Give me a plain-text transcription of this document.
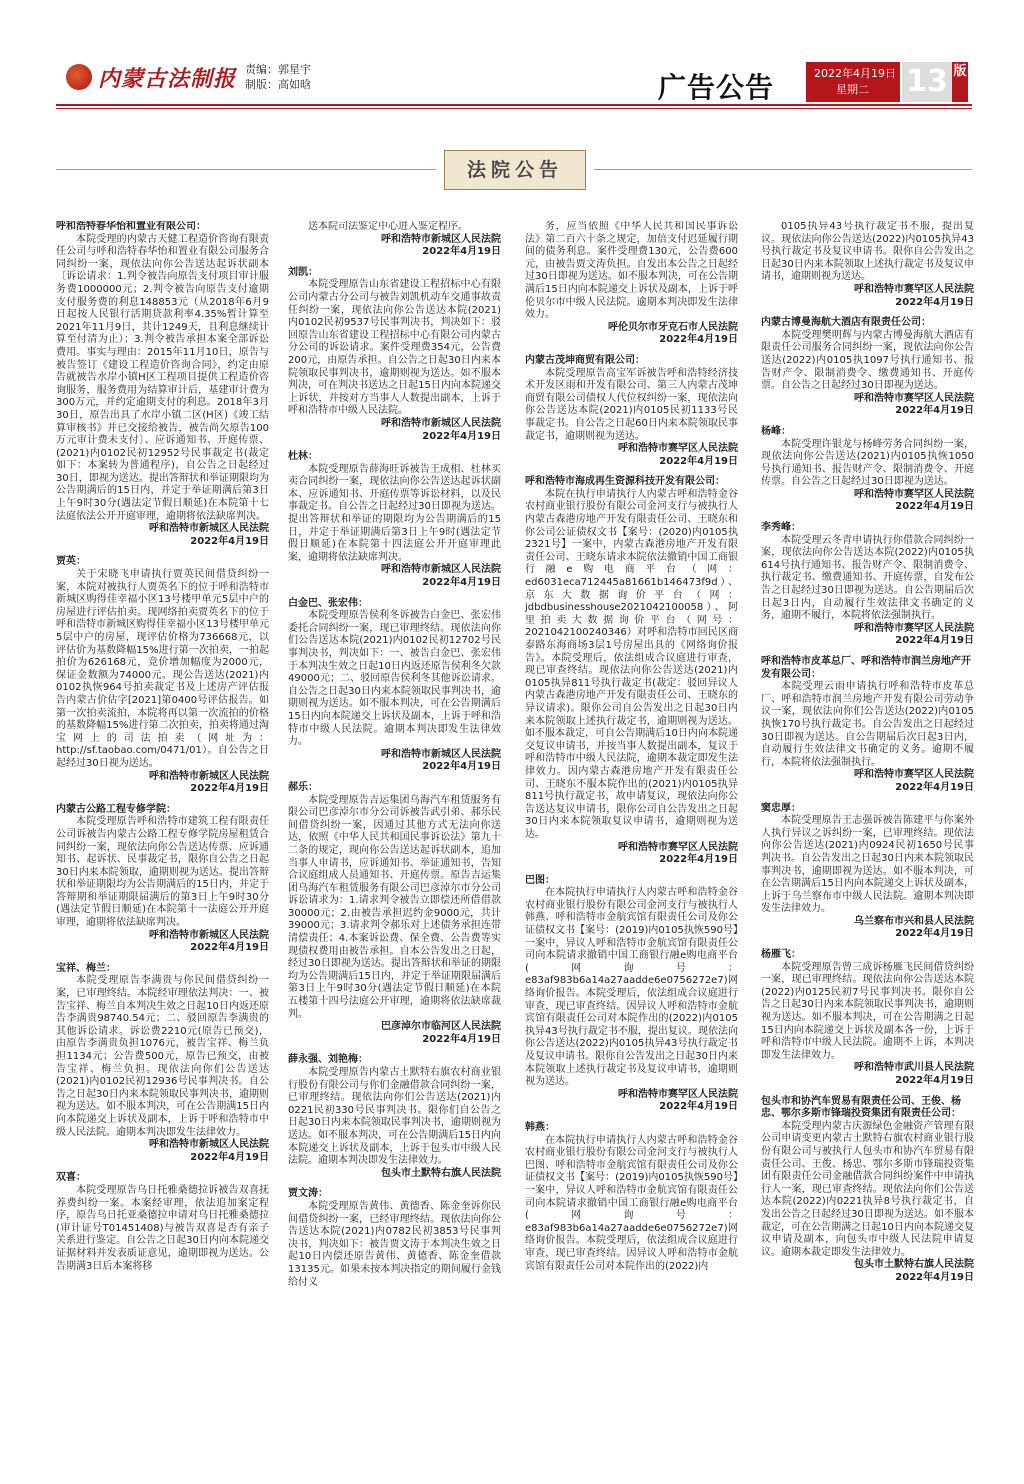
内蒙古法制报 责编：郭星宇
制版：高如晗	广告公告	2022年4月19日
星期二	13 版
法院公告
呼和浩特春华怡和置业有限公司：
本院受理的内蒙古天健工程造价咨询有限责任公司与呼和浩特春华怡和置业有限公司服务合同纠纷一案，现依法向你公告送达起诉状副本〔诉讼请求：1.判令被告向原告支付项目审计服务费1000000元；2.判令被告向原告支付逾期支付服务费的利息148853元（从2018年6月9日起按人民银行活期贷款利率4.35%暂计算至2021年11月9日，共计1249天，且利息继续计算至付清为止）；3.判令被告承担本案全部诉讼费用。事实与理由：2015年11月10日，原告与被告签订《建设工程造价咨询合同》，约定由原告就被告水岸小镇H区工程项目提供工程造价咨询服务，服务费用为结算审计后，基建审计费为300万元，并约定逾期支付的利息。2018年3月30日，原告出具了水岸小镇二区(H区)《竣工结算审核书》并已交接给被告，被告尚欠原告100万元审计费未支付〕、应诉通知书、开庭传票、(2021)内0102民初12952号民事裁定书(裁定如下：本案转为普通程序)，自公告之日起经过30日，即视为送达。提出答辩状和举证期限均为公告期满后的15日内，并定于举证期满后第3日上午9时30分(遇法定节假日顺延)在本院第十七法庭依法公开开庭审理，逾期将依法缺席判决。
呼和浩特市新城区人民法院
2022年4月19日
贾英：
关于宋晓飞申请执行贾英民间借贷纠纷一案，本院对被执行人贾英名下的位于呼和浩特市新城区购得佳幸福小区13号楼甲单元5层中户的房屋进行评估拍卖。现网络拍卖贾英名下的位于呼和浩特市新城区购得佳幸福小区13号楼甲单元5层中户的房屋，现评估价格为736668元，以评估价为基数降幅15%进行第一次拍卖，一拍起拍价为626168元，竞价增加幅度为2000元，保证金数额为74000元。现公告送达(2021)内0102执恢964号拍卖裁定书及上述房产评估报告内蒙古价估字[2021]第0400号评估报告。如第一次拍卖流拍，本院将再以第一次流拍的价格的基数降幅15%进行第二次拍卖，拍卖将通过淘宝网上的司法拍卖（网址为：http://sf.taobao.com/0471/01）。自公告之日起经过30日视为送达。
呼和浩特市新城区人民法院
2022年4月19日
内蒙古公路工程专修学院：
本院受理原告呼和浩特市建筑工程有限责任公司诉被告内蒙古公路工程专修学院房屋租赁合同纠纷一案，现依法向你公告送达传票、应诉通知书、起诉状、民事裁定书，限你自公告之日起30日内来本院领取，逾期则视为送达。提出答辩状和举证期限均为公告期满后的15日内，并定于答辩期和举证期限届满后的第3日上午9时30分(遇法定节假日顺延)在本院第十一法庭公开开庭审理，逾期将依法缺席判决。
呼和浩特市新城区人民法院
2022年4月19日
宝祥、梅兰：
本院受理原告李满贵与你民间借贷纠纷一案，已审理终结。本院经审理依法判决：一、被告宝祥、梅兰自本判决生效之日起10日内返还原告李满贵98740.54元；二、驳回原告李满贵的其他诉讼请求。诉讼费2210元(原告已预交)，由原告李满贵负担1076元，被告宝祥、梅兰负担1134元；公告费500元，原告已预交，由被告宝祥、梅兰负担。现依法向你们公告送达(2021)内0102民初12936号民事判决书。自公告之日起30日内来本院领取民事判决书，逾期则视为送达。如不服本判决，可在公告期满15日内向本院递交上诉状及副本，上诉于呼和浩特市中级人民法院。逾期本判决即发生法律效力。
呼和浩特市新城区人民法院
2022年4月19日
双喜：
本院受理原告乌日托雅桑德拉诉被告双喜抚养费纠纷一案。本案经审理，依法追加案定程序，原告乌日托亚桑德拉申请对乌日托雅桑德拉(审计证号T01451408)与被告双喜是否有亲子关系进行鉴定。自公告之日起30日内向本院递交证据材料并发表质证意见，逾期即视为送达。公告期满3日后本案将移
送本院司法鉴定中心进入鉴定程序。
呼和浩特市新城区人民法院
2022年4月19日
刘凯：
本院受理原告山东省建设工程招标中心有限公司内蒙古分公司与被告刘凯机动车交通事故责任纠纷一案，现依法向你公告送达本院(2021)内0102民初9537号民事判决书，判决如下：驳回原告山东省建设工程招标中心有限公司内蒙古分公司的诉讼请求。案件受理费354元，公告费200元，由原告承担。自公告之日起30日内来本院领取民事判决书，逾期则视为送达。如不服本判决，可在判决书送达之日起15日内向本院递交上诉状，并按对方当事人人数提出副本，上诉于呼和浩特市中级人民法院。
呼和浩特市新城区人民法院
2022年4月19日
杜林：
本院受理原告薛海旺诉被告王成相、杜林买卖合同纠纷一案，现依法向你公告送达起诉状副本、应诉通知书、开庭传票等诉讼材料，以及民事裁定书。自公告之日起经过30日即视为送达。提出答辩状和举证的期限均为公告期满后的15日，并定于举证期满后第3日上午9时(遇法定节假日顺延)在本院第十四法庭公开开庭审理此案，逾期将依法缺席判决。
呼和浩特市新城区人民法院
2022年4月19日
白金巴、张宏伟：
本院受理原告侯利冬诉被告白金巴、张宏伟委托合同纠纷一案，现已审理终结。现依法向你们公告送达本院(2021)内0102民初12702号民事判决书，判决如下：一、被告白金巴、张宏伟于本判决生效之日起10日内返还原告侯利冬欠款49000元；二、驳回原告侯利冬其他诉讼请求。自公告之日起30日内来本院领取民事判决书，逾期则视为送达。如不服本判决，可在公告期满后15日内向本院递交上诉状及副本，上诉于呼和浩特市中级人民法院。逾期本判决即发生法律效力。
呼和浩特市新城区人民法院
2022年4月19日
郝乐：
本院受理原告吉运集团乌海汽车租赁服务有限公司巴彦淖尔市分公司诉被告武引弟、郝乐民间借贷纠纷一案，因通过其他方式无法向你送达，依照《中华人民共和国民事诉讼法》第九十二条的规定，现向你公告送达起诉状副本，追加当事人申请书，应诉通知书、举证通知书，告知合议庭组成人员通知书、开庭传票。原告吉运集团乌海汽车租赁服务有限公司巴彦淖尔市分公司诉讼请求为：1.请求判令被告立即偿还所借借款30000元；2.由被告承担迟约金9000元，共计39000元；3.请求判令郝乐对上述债务承担连带清偿责任；4.本案诉讼费、保全费、公告费等实现债权费用由被告承担。自本公告发出之日起，经过30日即视为送达。提出答辩状和举证的期限均为公告期满后15日内，并定于举证期限届满后第3日上午9时30分(遇法定节假日顺延)在本院五楼第十四号法庭公开审理，逾期将依法缺席裁判。
巴彦淖尔市临河区人民法院
2022年4月19日
薛永强、刘艳梅：
本院受理原告内蒙古土默特右旗农村商业银行股份有限公司与你们金融借款合同纠纷一案，已审理终结。现依法向你们公告送达(2021)内0221民初330号民事判决书。限你们自公告之日起30日内来本院领取民事判决书，逾期则视为送达。如不服本判决，可在公告期满后15日内向本院递交上诉状及副本，上诉于包头市中级人民法院。逾期本判决即发生法律效力。
包头市土默特右旗人民法院
贾文涛：
本院受理原告黄伟、黄德香、陈金奎诉你民间借贷纠纷一案，已经审理终结。现依法向你公告送达本院(2021)内0782民初3853号民事判决书，判决如下：被告贾文涛于本判决生效之日起10日内偿还原告黄伟、黄德香、陈金奎借款13135元。如果未按本判决指定的期间履行金钱给付义
务，应当依照《中华人民共和国民事诉讼法》第二百六十条之规定，加倍支付迟延履行期间的债务利息。案件受理费130元，公告费600元，由被告贾文涛负担。自发出本公告之日起经过30日即视为送达。如不服本判决，可在公告期满后15日内向本院递交上诉状及副本，上诉于呼伦贝尔市中级人民法院。逾期本判决即发生法律效力。
呼伦贝尔市牙克石市人民法院
2022年4月19日
内蒙古茂坤商贸有限公司：
本院受理原告高宝军诉被告呼和浩特经济技术开发区雨和开发有限公司、第三人内蒙古茂坤商贸有限公司债权人代位权纠纷一案，现依法向你公告送达本院(2021)内0105民初1133号民事裁定书。自公告之日起60日内来本院领取民事裁定书，逾期则视为送达。
呼和浩特市赛罕区人民法院
2022年4月19日
呼和浩特市海成再生资源科技开发有限公司：
本院在执行申请执行人内蒙古呼和浩特金谷农村商业银行股份有限公司金河支行与被执行人内蒙古森港房地产开发有限责任公司、王晓东和你公司公证债权文书【案号：(2020)内0105执2321号】一案中，内蒙古森港房地产开发有限责任公司、王晓东请求本院依法撤销中国工商银行融e购电商平台（网：ed6031eca712445a81661b146473f9d）、京东大数据询价平台（网：jdbdbusinesshouse2021042100058）、阿里拍卖大数据询价平台（网号：2021042100240346）对呼和浩特市回民区商泰路东海商场3层1号房屋出具的《网络询价报告》。本院受理后，依法组成合议庭进行审查，现已审查终结。现依法向你公告送达(2021)内0105执异811号执行裁定书(裁定：驳回异议人内蒙古森港房地产开发有限责任公司、王晓东的异议请求)。限你公司自公告发出之日起30日内来本院领取上述执行裁定书，逾期则视为送达。如不服本裁定，可自公告期满后10日内向本院递交复议申请书，并按当事人数提出副本，复议于呼和浩特市中级人民法院，逾期本裁定即发生法律效力。因内蒙古森港房地产开发有限责任公司、王晓东不服本院作出的(2021)内0105执异811号执行裁定书，故申请复议，现依法向你公告送达复议申请书，限你公司自公告发出之日起30日内来本院领取复议申请书，逾期则视为送达。
呼和浩特市赛罕区人民法院
2022年4月19日
巴图：
在本院执行申请执行人内蒙古呼和浩特金谷农村商业银行股份有限公司金河支行与被执行人韩燕、呼和浩特市金航宾馆有限责任公司及你公证债权文书【案号：(2019)内0105执恢590号】一案中，异议人呼和浩特市金航宾馆有限责任公司向本院请求撤销中国工商银行融e购电商平台(网询号：e83af983b6a14a27aadde6e0756272e7)网络询价报告。本院受理后，依法组成合议庭进行审查，现已审查终结。因异议人呼和浩特市金航宾馆有限责任公司对本院作出的(2022)内0105执异43号执行裁定书不服，提出复议。现依法向你公告送达(2022)内0105执异43号执行裁定书及复议申请书。限你自公告发出之日起30日内来本院领取上述执行裁定书及复议申请书，逾期则视为送达。
呼和浩特市赛罕区人民法院
2022年4月19日
韩燕：
在本院执行申请执行人内蒙古呼和浩特金谷农村商业银行股份有限公司金河支行与被执行人巴图、呼和浩特市金航宾馆有限责任公司及你公证债权文书【案号：(2019)内0105执恢590号】一案中，异议人呼和浩特市金航宾馆有限责任公司向本院请求撤销中国工商银行融e购电商平台(网询号：e83af983b6a14a27aadde6e0756272e7)网络询价报告。本院受理后，依法组成合议庭进行审查，现已审查终结。因异议人呼和浩特市金航宾馆有限责任公司对本院作出的(2022)内
0105执异43号执行裁定书不服，提出复议。现依法向你公告送达(2022)内0105执异43号执行裁定书及复议申请书。限你自公告发出之日起30日内来本院领取上述执行裁定书及复议申请书，逾期则视为送达。
呼和浩特市赛罕区人民法院
2022年4月19日
内蒙古博曼海航大酒店有限责任公司：
本院受理樊明辉与内蒙古博曼海航大酒店有限责任公司服务合同纠纷一案，现依法向你公告送达(2022)内0105执1097号执行通知书、报告财产令、限制消费令、缴费通知书、开庭传票。自公告之日起经过30日即视为送达。
呼和浩特市赛罕区人民法院
2022年4月19日
杨峰：
本院受理许银龙与杨峰劳务合同纠纷一案，现依法向你公告送达(2021)内0105执恢1050号执行通知书、报告财产令、限制消费令、开庭传票。自公告之日起经过30日即视为送达。
呼和浩特市赛罕区人民法院
2022年4月19日
李秀峰：
本院受理云冬青申请执行你借款合同纠纷一案，现依法向你公告送达本院(2022)内0105执614号执行通知书、报告财产令、限制消费令、执行裁定书、缴费通知书、开庭传票，自发布公告之日起经过30日即视为送达。自公告期届后次日起3日内，自动履行生效法律文书确定的义务，逾期不履行，本院将依法强制执行。
呼和浩特市赛罕区人民法院
2022年4月19日
呼和浩特市皮革总厂、呼和浩特市润兰房地产开发有限公司：
本院受理云雨申请执行呼和浩特市皮革总厂、呼和浩特市润兰房地产开发有限公司劳动争议一案，现依法向你们公告送达(2022)内0105执恢170号执行裁定书。自公告发出之日起经过30日即视为送达。自公告期届后次日起3日内，自动履行生效法律文书确定的义务。逾期不履行，本院将依法强制执行。
呼和浩特市赛罕区人民法院
2022年4月19日
窦忠厚：
本院受理原告王志强诉被告陈建平与你案外人执行异议之诉纠纷一案，已审理终结。现依法向你公告送达(2021)内0924民初1650号民事判决书。自公告发出之日起30日内来本院领取民事判决书，逾期即视为送达。如不服本判决，可在公告期满后15日内向本院递交上诉状及副本，上诉于乌兰察布市中级人民法院。逾期本判决即发生法律效力。
乌兰察布市兴和县人民法院
2022年4月19日
杨雁飞：
本院受理原告曾三成诉杨雁飞民间借贷纠纷一案，现已审理终结。现依法向你公告送达本院(2022)内0125民初7号民事判决书。限你自公告之日起30日内来本院领取民事判决书，逾期则视为送达。如不服本判决，可在公告期满之日起15日内向本院递交上诉状及副本各一份，上诉于呼和浩特市中级人民法院。逾期不上诉，本判决即发生法律效力。
呼和浩特市武川县人民法院
2022年4月19日
包头市和协汽车贸易有限责任公司、王俊、杨忠、鄂尔多斯市锋瑞投资集团有限责任公司：
本院受理内蒙古庆源绿色金融资产管理有限公司申请变更内蒙古土默特右旗农村商业银行股份有限公司与被执行人包头市和协汽车贸易有限责任公司、王俊、杨忠、鄂尔多斯市锋瑞投资集团有限责任公司金融借款合同纠纷案件中申请执行人一案，现已审查终结。现依法向你们公告送达本院(2022)内0221执异8号执行裁定书，自发出公告之日起经过30日即视为送达。如不服本裁定，可在公告期满之日起10日内向本院递交复议申请及副本，向包头市中级人民法院申请复议。逾期本裁定即发生法律效力。
包头市土默特右旗人民法院
2022年4月19日
